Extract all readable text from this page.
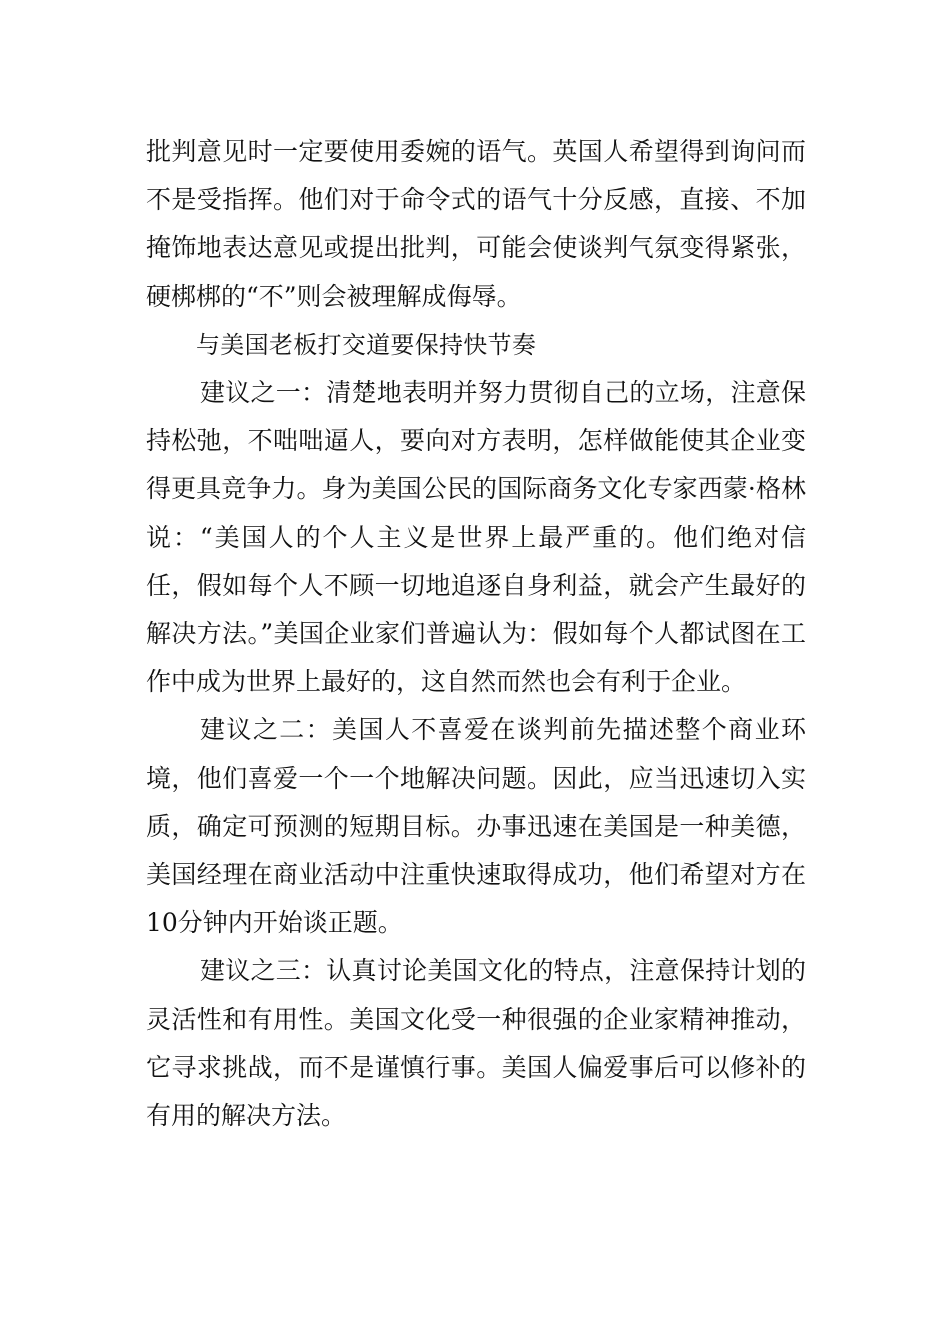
批判意见时一定要使用委婉的语气。英国人希望得到询问而不是受指挥。他们对于命令式的语气十分反感，直接、不加掩饰地表达意见或提出批判，可能会使谈判气氛变得紧张，硬梆梆的“不”则会被理解成侮辱。

与美国老板打交道要保持快节奏

建议之一：清楚地表明并努力贯彻自己的立场，注意保持松弛，不咄咄逼人，要向对方表明，怎样做能使其企业变得更具竞争力。身为美国公民的国际商务文化专家西蒙·格林说：“美国人的个人主义是世界上最严重的。他们绝对信任，假如每个人不顾一切地追逐自身利益，就会产生最好的解决方法。”美国企业家们普遍认为：假如每个人都试图在工作中成为世界上最好的，这自然而然也会有利于企业。

建议之二：美国人不喜爱在谈判前先描述整个商业环境，他们喜爱一个一个地解决问题。因此，应当迅速切入实质，确定可预测的短期目标。办事迅速在美国是一种美德，美国经理在商业活动中注重快速取得成功，他们希望对方在10分钟内开始谈正题。

建议之三：认真讨论美国文化的特点，注意保持计划的灵活性和有用性。美国文化受一种很强的企业家精神推动，它寻求挑战，而不是谨慎行事。美国人偏爱事后可以修补的有用的解决方法。
